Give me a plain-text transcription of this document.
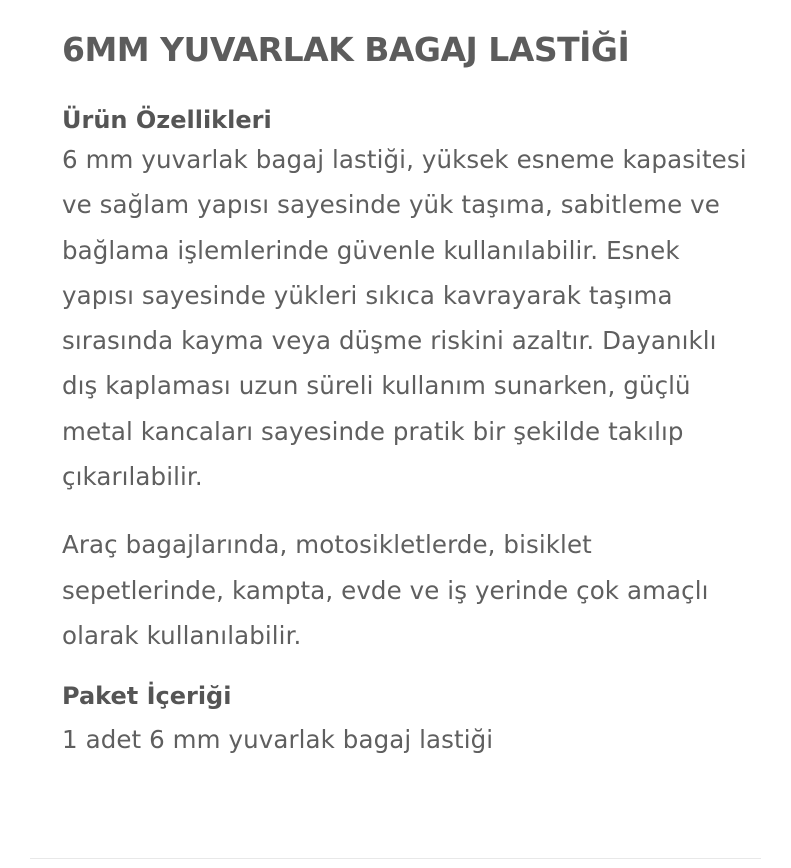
6MM YUVARLAK BAGAJ LASTİĞİ
Ürün Özellikleri

6 mm yuvarlak bagaj lastiği, yüksek esneme kapasitesi ve sağlam yapısı sayesinde yük taşıma, sabitleme ve bağlama işlemlerinde güvenle kullanılabilir. Esnek yapısı sayesinde yükleri sıkıca kavrayarak taşıma sırasında kayma veya düşme riskini azaltır. Dayanıklı dış kaplaması uzun süreli kullanım sunarken, güçlü metal kancaları sayesinde pratik bir şekilde takılıp çıkarılabilir.

Araç bagajlarında, motosikletlerde, bisiklet sepetlerinde, kampta, evde ve iş yerinde çok amaçlı olarak kullanılabilir.

Paket İçeriği

1 adet 6 mm yuvarlak bagaj lastiği
